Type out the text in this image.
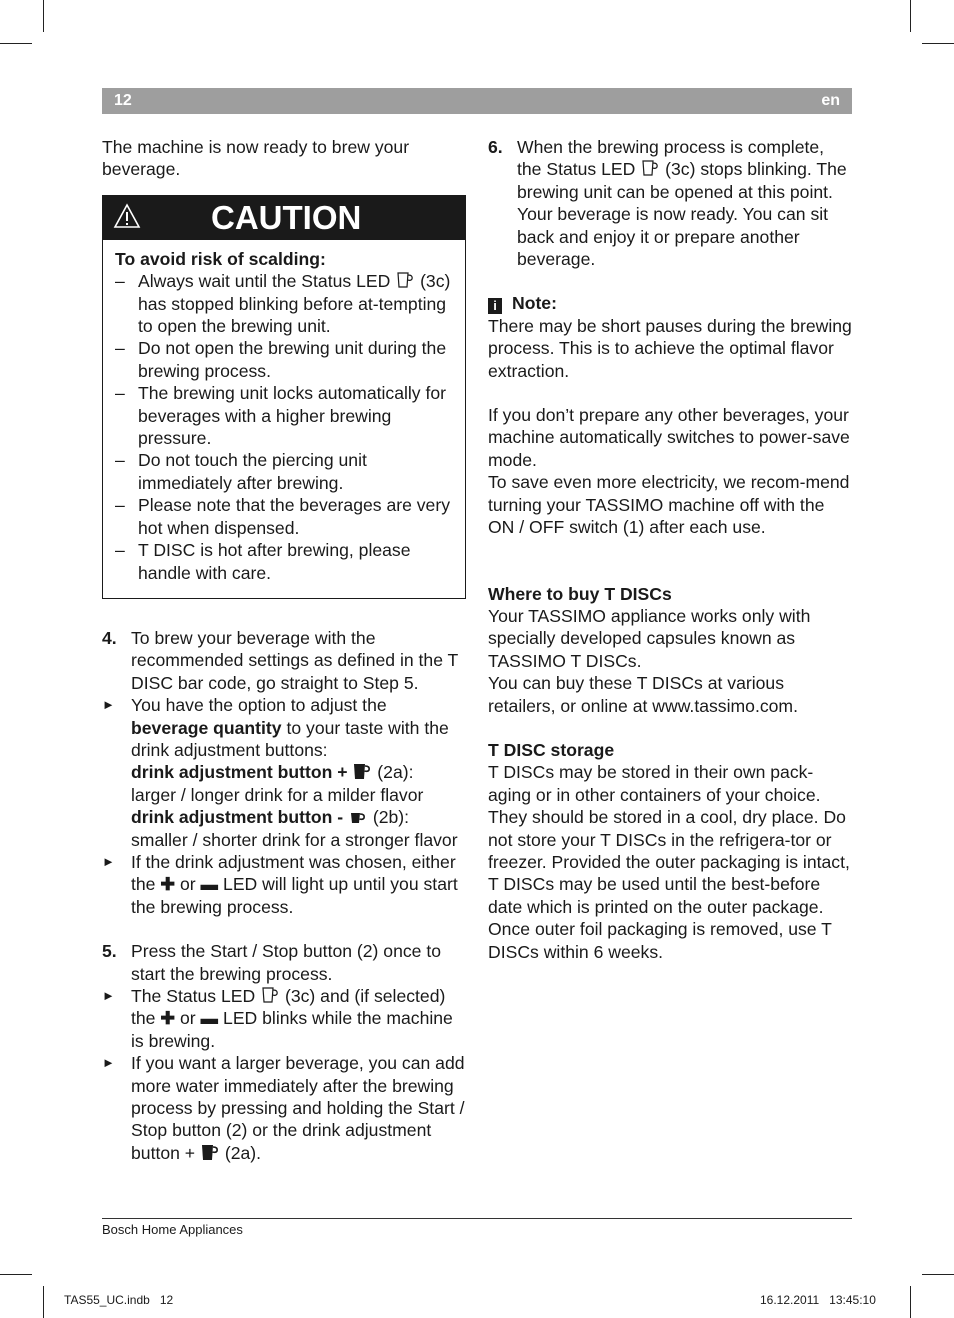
12	en

The machine is now ready to brew your beverage.

CAUTION
To avoid risk of scalding:
– Always wait until the Status LED (3c) has stopped blinking before at-tempting to open the brewing unit.
– Do not open the brewing unit during the brewing process.
– The brewing unit locks automatically for beverages with a higher brewing pressure.
– Do not touch the piercing unit immediately after brewing.
– Please note that the beverages are very hot when dispensed.
– T DISC is hot after brewing, please handle with care.
4. To brew your beverage with the recommended settings as defined in the T DISC bar code, go straight to Step 5.
► You have the option to adjust the beverage quantity to your taste with the drink adjustment buttons:
drink adjustment button + (2a):
larger / longer drink for a milder flavor
drink adjustment button - (2b):
smaller / shorter drink for a stronger flavor
► If the drink adjustment was chosen, either the ✚ or ▬ LED will light up until you start the brewing process.
5. Press the Start / Stop button (2) once to start the brewing process.
► The Status LED (3c) and (if selected) the ✚ or ▬ LED blinks while the machine is brewing.
► If you want a larger beverage, you can add more water immediately after the brewing process by pressing and holding the Start / Stop button (2) or the drink adjustment button + (2a).
6. When the brewing process is complete, the Status LED (3c) stops blinking. The brewing unit can be opened at this point. Your beverage is now ready. You can sit back and enjoy it or prepare another beverage.
i Note:

There may be short pauses during the brewing process. This is to achieve the optimal flavor extraction.

If you don’t prepare any other beverages, your machine automatically switches to power-save mode.

To save even more electricity, we recom-mend turning your TASSIMO machine off with the ON / OFF switch (1) after each use.

Where to buy T DISCs

Your TASSIMO appliance works only with specially developed capsules known as TASSIMO T DISCs.

You can buy these T DISCs at various retailers, or online at www.tassimo.com.

T DISC storage

T DISCs may be stored in their own pack-aging or in other containers of your choice. They should be stored in a cool, dry place. Do not store your T DISCs in the refrigera-tor or freezer. Provided the outer packaging is intact, T DISCs may be used until the best-before date which is printed on the outer package.

Once outer foil packaging is removed, use T DISCs within 6 weeks.

Bosch Home Appliances
TAS55_UC.indb   12	16.12.2011   13:45:10
